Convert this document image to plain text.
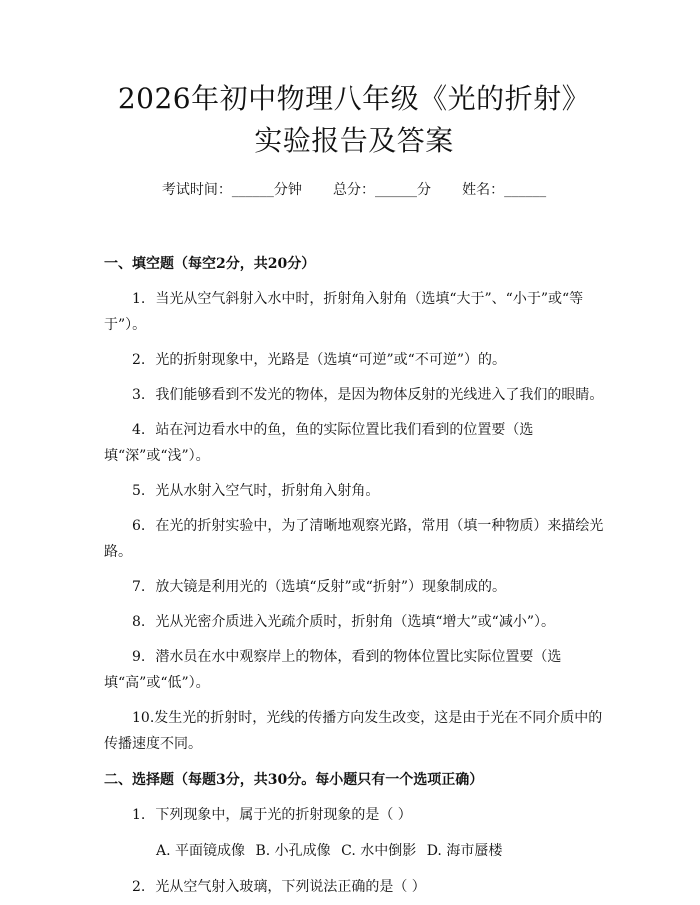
2026年初中物理八年级《光的折射》实验报告及答案
考试时间：______分钟 总分：______分 姓名：______

一、填空题（每空2分，共20分）

1. 当光从空气斜射入水中时，折射角入射角（选填“大于”、“小于”或“等于”）。

2. 光的折射现象中，光路是（选填“可逆”或“不可逆”）的。

3. 我们能够看到不发光的物体，是因为物体反射的光线进入了我们的眼睛。

4. 站在河边看水中的鱼，鱼的实际位置比我们看到的位置要（选填“深”或“浅”）。

5. 光从水射入空气时，折射角入射角。

6. 在光的折射实验中，为了清晰地观察光路，常用（填一种物质）来描绘光路。

7. 放大镜是利用光的（选填“反射”或“折射”）现象制成的。

8. 光从光密介质进入光疏介质时，折射角（选填“增大”或“减小”）。

9. 潜水员在水中观察岸上的物体，看到的物体位置比实际位置要（选填“高”或“低”）。

10.发生光的折射时，光线的传播方向发生改变，这是由于光在不同介质中的传播速度不同。

二、选择题（每题3分，共30分。每小题只有一个选项正确）

1. 下列现象中，属于光的折射现象的是（ ）

A. 平面镜成像 B. 小孔成像 C. 水中倒影 D. 海市蜃楼

2. 光从空气射入玻璃，下列说法正确的是（ ）
